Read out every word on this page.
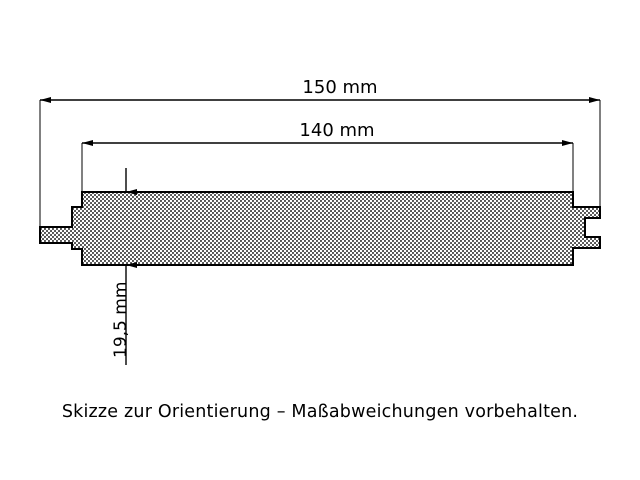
150 mm
140 mm
19,5 mm
Skizze zur Orientierung – Maßabweichungen vorbehalten.
